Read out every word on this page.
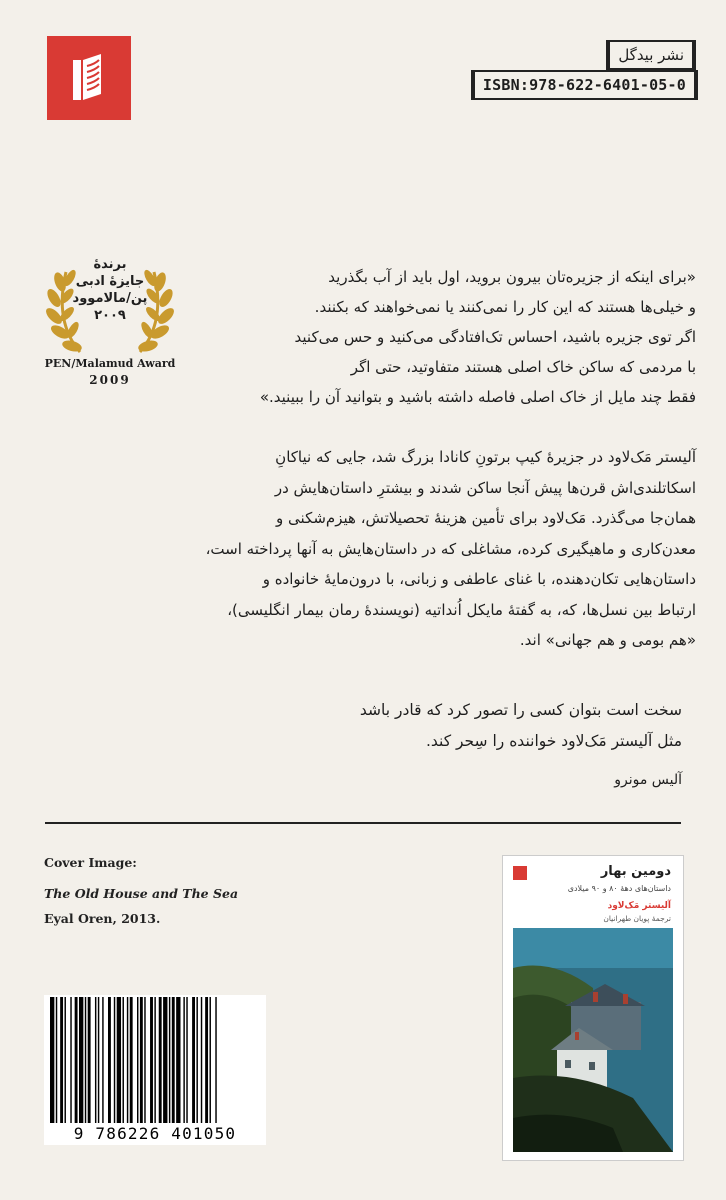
نشر بیدگل
ISBN:978-622-6401-05-0
برندهٔ
جایزهٔ ادبی
پن/مالاموود
۲۰۰۹
PEN/Malamud Award
2009
«برای اینکه از جزیره‌تان بیرون بروید، اول باید از آب بگذرید
و خیلی‌ها هستند که این کار را نمی‌کنند یا نمی‌خواهند که بکنند.
اگر توی جزیره باشید، احساس تک‌افتادگی می‌کنید و حس می‌کنید
با مردمی که ساکن خاک اصلی هستند متفاوتید، حتی اگر
فقط چند مایل از خاک اصلی فاصله داشته باشید و بتوانید آن را ببینید.»
آلیستر مَک‌لاود در جزیرهٔ کیپ برتونِ کانادا بزرگ شد، جایی که نیاکانِ
اسکاتلندی‌اش قرن‌ها پیش آنجا ساکن شدند و بیشترِ داستان‌هایش در
همان‌جا می‌گذرد. مَک‌لاود برای تأمین هزینهٔ تحصیلاتش، هیزم‌شکنی و
معدن‌کاری و ماهیگیری کرده، مشاغلی که در داستان‌هایش به آنها پرداخته است،
داستان‌هایی تکان‌دهنده، با غنای عاطفی و زبانی، با درون‌مایهٔ خانواده و
ارتباط بین نسل‌ها، که، به گفتهٔ مایکل اُنداتیه (نویسندهٔ رمان بیمار انگلیسی)،
«هم بومی و هم جهانی» اند.
سخت است بتوان کسی را تصور کرد که قادر باشد
مثل آلیستر مَک‌لاود خواننده را سِحر کند.
آلیس مونرو
Cover Image:
The Old House and The Sea
Eyal Oren, 2013.
9 786226 401050
دومین بهار
داستان‌های دههٔ ۸۰ و ۹۰ میلادی
آلیستر مَک‌لاود
ترجمهٔ پویان طهرانیان
